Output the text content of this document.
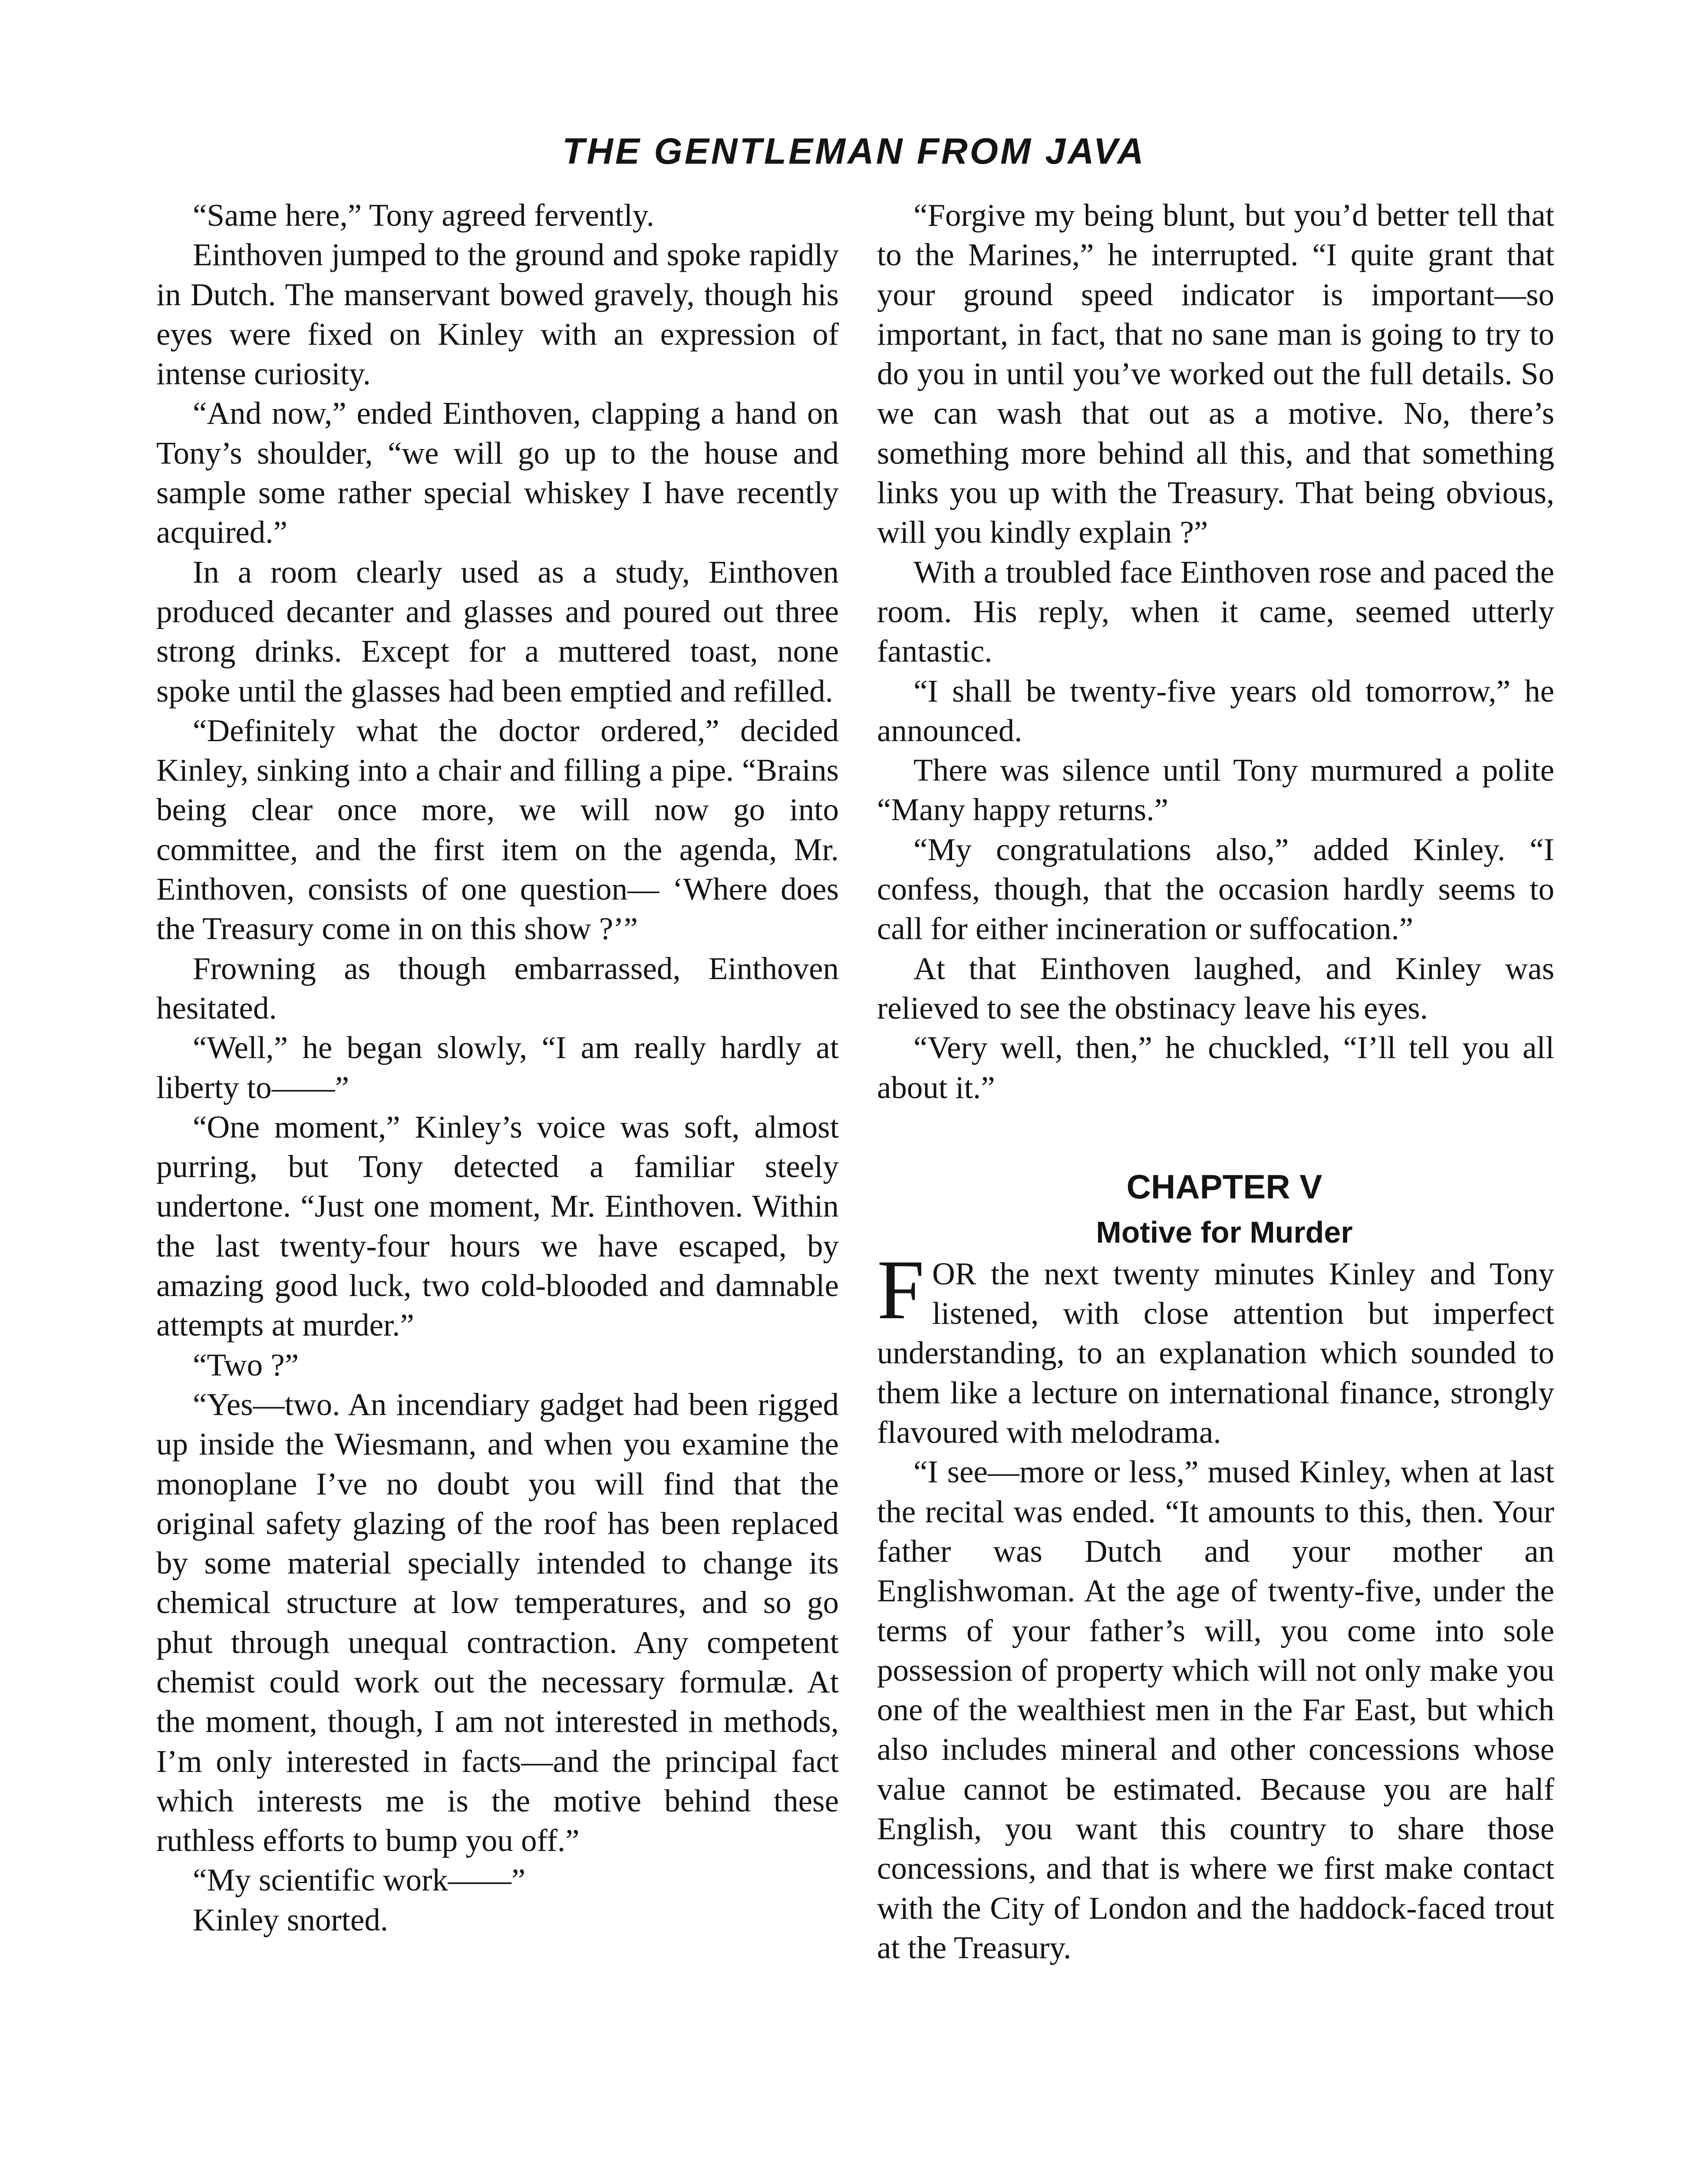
THE GENTLEMAN FROM JAVA

“Same here,” Tony agreed fervently.

Einthoven jumped to the ground and spoke rapidly in Dutch. The manservant bowed gravely, though his eyes were fixed on Kinley with an expression of intense curiosity.

“And now,” ended Einthoven, clapping a hand on Tony’s shoulder, “we will go up to the house and sample some rather special whiskey I have recently acquired.”

In a room clearly used as a study, Einthoven produced decanter and glasses and poured out three strong drinks. Except for a muttered toast, none spoke until the glasses had been emptied and refilled.

“Definitely what the doctor ordered,” decided Kinley, sinking into a chair and filling a pipe. “Brains being clear once more, we will now go into committee, and the first item on the agenda, Mr. Einthoven, consists of one question— ‘Where does the Treasury come in on this show ?’”

Frowning as though embarrassed, Einthoven hesitated.

“Well,” he began slowly, “I am really hardly at liberty to——”

“One moment,” Kinley’s voice was soft, almost purring, but Tony detected a familiar steely undertone. “Just one moment, Mr. Einthoven. Within the last twenty-four hours we have escaped, by amazing good luck, two cold-blooded and damnable attempts at murder.”

“Two ?”

“Yes—two. An incendiary gadget had been rigged up inside the Wiesmann, and when you examine the monoplane I’ve no doubt you will find that the original safety glazing of the roof has been replaced by some material specially intended to change its chemical structure at low temperatures, and so go phut through unequal contraction. Any competent chemist could work out the necessary formulæ. At the moment, though, I am not interested in methods, I’m only interested in facts—and the principal fact which interests me is the motive behind these ruthless efforts to bump you off.”

“My scientific work——”

Kinley snorted.

“Forgive my being blunt, but you’d better tell that to the Marines,” he interrupted. “I quite grant that your ground speed indicator is important—so important, in fact, that no sane man is going to try to do you in until you’ve worked out the full details. So we can wash that out as a motive. No, there’s something more behind all this, and that something links you up with the Treasury. That being obvious, will you kindly explain ?”

With a troubled face Einthoven rose and paced the room. His reply, when it came, seemed utterly fantastic.

“I shall be twenty-five years old tomorrow,” he announced.

There was silence until Tony murmured a polite “Many happy returns.”

“My congratulations also,” added Kinley. “I confess, though, that the occasion hardly seems to call for either incineration or suffocation.”

At that Einthoven laughed, and Kinley was relieved to see the obstinacy leave his eyes.

“Very well, then,” he chuckled, “I’ll tell you all about it.”

CHAPTER V
Motive for Murder

FOR the next twenty minutes Kinley and Tony listened, with close attention but imperfect understanding, to an explanation which sounded to them like a lecture on international finance, strongly flavoured with melodrama.

“I see—more or less,” mused Kinley, when at last the recital was ended. “It amounts to this, then. Your father was Dutch and your mother an Englishwoman. At the age of twenty-five, under the terms of your father’s will, you come into sole possession of property which will not only make you one of the wealthiest men in the Far East, but which also includes mineral and other concessions whose value cannot be estimated. Because you are half English, you want this country to share those concessions, and that is where we first make contact with the City of London and the haddock-faced trout at the Treasury.
